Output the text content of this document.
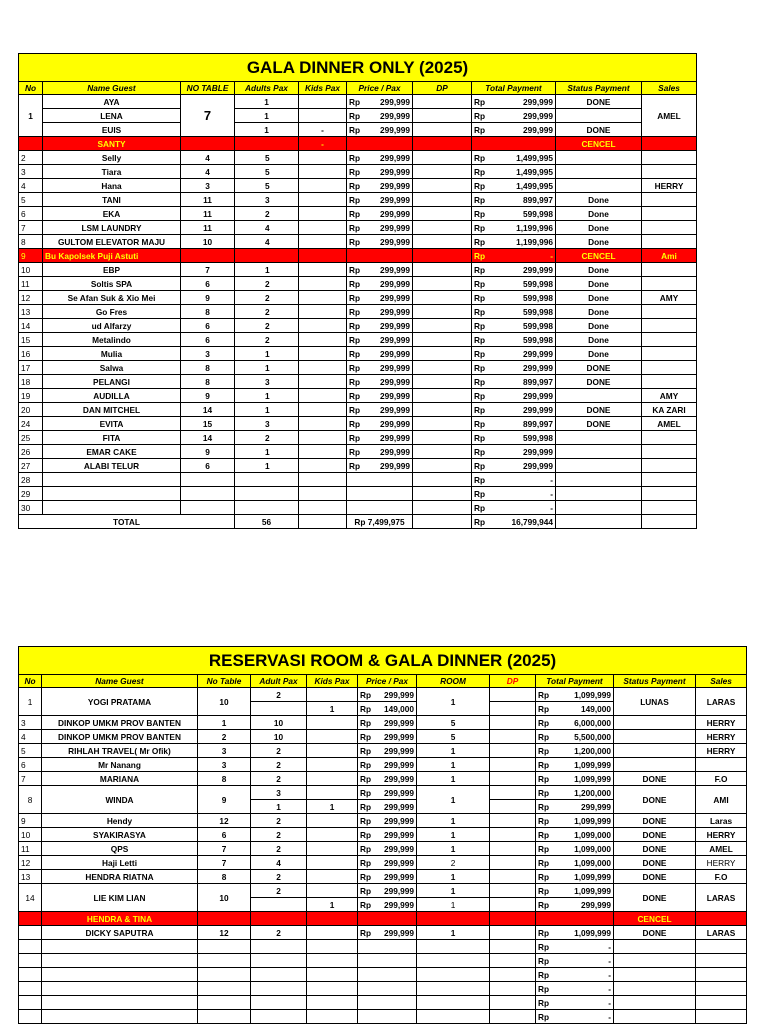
GALA DINNER ONLY (2025)									
No	Name Guest	NO TABLE	Adults Pax	Kids Pax	Price / Pax	DP	Total Payment	Status Payment	Sales
1	AYA	7	1		Rp 299,999		Rp 299,999	DONE	AMEL
	LENA		1		Rp 299,999		Rp 299,999		

	EUIS		1	-	Rp 299,999		Rp 299,999	DONE	
	SANTY			-				CENCEL	
2	Selly	4	5		Rp 299,999		Rp 1,499,995		

3	Tiara	4	5		Rp 299,999		Rp 1,499,995		

4	Hana	3	5		Rp 299,999		Rp 1,499,995		HERRY
5	TANI	11	3		Rp 299,999		Rp 899,997	Done	
6	EKA	11	2		Rp 299,999		Rp 599,998	Done	
7	LSM LAUNDRY	11	4		Rp 299,999		Rp 1,199,996	Done	
8	GULTOM ELEVATOR MAJU	10	4		Rp 299,999		Rp 1,199,996	Done	
9	Bu Kapolsek Puji Astuti						Rp -	CENCEL	Ami
10	EBP	7	1		Rp 299,999		Rp 299,999	Done	
11	Soltis SPA	6	2		Rp 299,999		Rp 599,998	Done	
12	Se Afan Suk & Xio Mei	9	2		Rp 299,999		Rp 599,998	Done	AMY
13	Go Fres	8	2		Rp 299,999		Rp 599,998	Done	
14	ud Alfarzy	6	2		Rp 299,999		Rp 599,998	Done	
15	Metalindo	6	2		Rp 299,999		Rp 599,998	Done	
16	Mulia	3	1		Rp 299,999		Rp 299,999	Done	
17	Salwa	8	1		Rp 299,999		Rp 299,999	DONE	
18	PELANGI	8	3		Rp 299,999		Rp 899,997	DONE	
19	AUDILLA	9	1		Rp 299,999		Rp 299,999		AMY
20	DAN MITCHEL	14	1		Rp 299,999		Rp 299,999	DONE	KA ZARI
24	EVITA	15	3		Rp 299,999		Rp 899,997	DONE	AMEL
25	FITA	14	2		Rp 299,999		Rp 599,998		

26	EMAR CAKE	9	1		Rp 299,999		Rp 299,999		

27	ALABI TELUR	6	1		Rp 299,999		Rp 299,999		

28							Rp -		

29							Rp -		

30							Rp -		

TOTAL			56		Rp 7,499,975		Rp 16,799,944		

RESERVASI ROOM & GALA DINNER (2025)										
No	Name Guest	No Table	Adult Pax	Kids Pax	Price / Pax	ROOM	DP	Total Payment	Status Payment	Sales
1	YOGI PRATAMA	10	2		Rp 299,999	1		Rp 1,099,999	LUNAS	LARAS
				1	Rp 149,000			Rp 149,000		

3	DINKOP UMKM PROV BANTEN	1	10		Rp 299,999	5		Rp 6,000,000		HERRY
4	DINKOP UMKM PROV BANTEN	2	10		Rp 299,999	5		Rp 5,500,000		HERRY
5	RIHLAH TRAVEL( Mr Ofik)	3	2		Rp 299,999	1		Rp 1,200,000		HERRY
6	Mr Nanang	3	2		Rp 299,999	1		Rp 1,099,999		

7	MARIANA	8	2		Rp 299,999	1		Rp 1,099,999	DONE	F.O
8	WINDA	9	3		Rp 299,999	1		Rp 1,200,000	DONE	AMI
			1	1	Rp 299,999			Rp 299,999		

9	Hendy	12	2		Rp 299,999	1		Rp 1,099,999	DONE	Laras
10	SYAKIRASYA	6	2		Rp 299,999	1		Rp 1,099,000	DONE	HERRY
11	QPS	7	2		Rp 299,999	1		Rp 1,099,000	DONE	AMEL
12	Haji Letti	7	4		Rp 299,999	2		Rp 1,099,000	DONE	HERRY
13	HENDRA RIATNA	8	2		Rp 299,999	1		Rp 1,099,999	DONE	F.O
14	LIE KIM LIAN	10	2		Rp 299,999	1		Rp 1,099,999	DONE	LARAS
				1	Rp 299,999	1		Rp 299,999		

	HENDRA & TINA								CENCEL	
	DICKY SAPUTRA	12	2		Rp 299,999	1		Rp 1,099,999	DONE	LARAS

								Rp -		

								Rp -		

								Rp -		

								Rp -		

								Rp -		

								Rp -		
